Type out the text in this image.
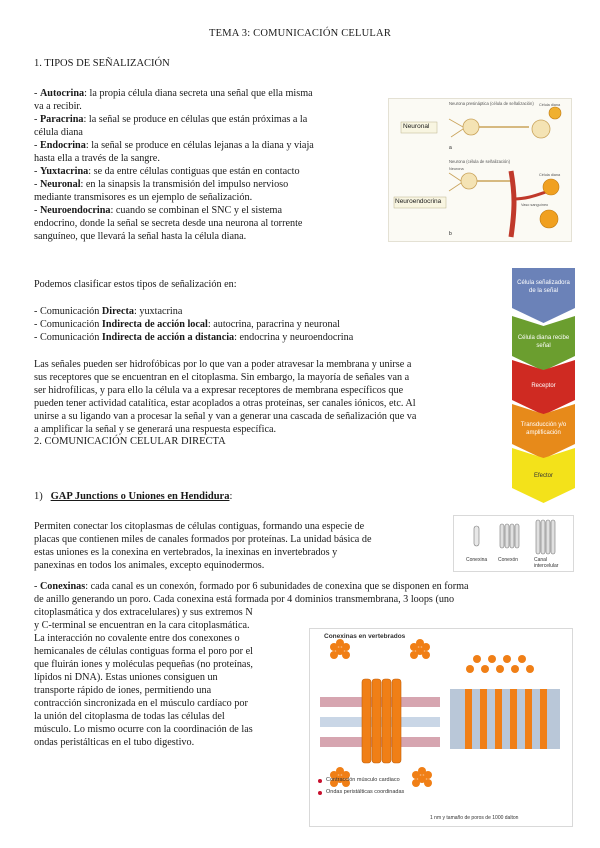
TEMA 3: COMUNICACIÓN CELULAR
1. TIPOS DE SEÑALIZACIÓN
- Autocrina: la propia célula diana secreta una señal que ella misma
va a recibir.
- Paracrina: la señal se produce en células que están próximas a la
célula diana
- Endocrina: la señal se produce en células lejanas a la diana y viaja
hasta ella a través de la sangre.
- Yuxtacrina: se da entre células contiguas que están en contacto
- Neuronal: en la sinapsis la transmisión del impulso nervioso
mediante transmisores es un ejemplo de señalización.
- Neuroendocrina: cuando se combinan el SNC y el sistema
endocrino, donde la señal se secreta desde una neurona al torrente
sanguíneo, que llevará la señal hasta la célula diana.
Neuronal
Neuroendocrina
Neurona presináptica (célula de señalización)
Neurona (célula de señalización)
a
b
Célula diana
Neurona
Vaso sanguíneo
Célula diana
Podemos clasificar estos tipos de señalización en:
- Comunicación Directa: yuxtacrina
- Comunicación Indirecta de acción local: autocrina, paracrina y neuronal
- Comunicación Indirecta de acción a distancia: endocrina y neuroendocrina
Las señales pueden ser hidrofóbicas por lo que van a poder atravesar la membrana y unirse a
sus receptores que se encuentran en el citoplasma. Sin embargo, la mayoría de señales van a
ser hidrofílicas, y para ello la célula va a expresar receptores de membrana específicos que
pueden tener actividad catalítica, estar acoplados a otras proteínas, ser canales iónicos, etc. Al
unirse a su ligando van a procesar la señal y van a generar una cascada de señalización que va
a amplificar la señal y se generará una respuesta específica.
Célula señalizadora de la señal
Célula diana recibe señal
Receptor
Transducción y/o amplificación
Efector
2. COMUNICACIÓN CELULAR DIRECTA
1) GAP Junctions o Uniones en Hendidura:
Permiten conectar los citoplasmas de células contiguas, formando una especie de
placas que contienen miles de canales formados por proteínas. La unidad básica de
estas uniones es la conexina en vertebrados, la inexinas en invertebrados y
panexinas en todos los animales, excepto equinodermos.	Conexina Conexón	Canal intercelular
- Conexinas: cada canal es un conexón, formado por 6 subunidades de conexina que se disponen en forma
de anillo generando un poro. Cada conexina está formada por 4 dominios transmembrana, 3 loops (uno
citoplasmática y dos extracelulares) y sus extremos N
y C-terminal se encuentran en la cara citoplasmática.
La interacción no covalente entre dos conexones o
hemicanales de células contiguas forma el poro por el
que fluirán iones y moléculas pequeñas (no proteínas,
lípidos ni DNA). Estas uniones consiguen un
transporte rápido de iones, permitiendo una
contracción sincronizada en el músculo cardíaco por
la unión del citoplasma de todas las células del
músculo. Lo mismo ocurre con la coordinación de las
ondas peristálticas en el tubo digestivo.
Conexinas en vertebrados
Contracción músculo cardiaco
Ondas peristálticas coordinadas
1 nm y tamaño de poros de 1000 dalton
